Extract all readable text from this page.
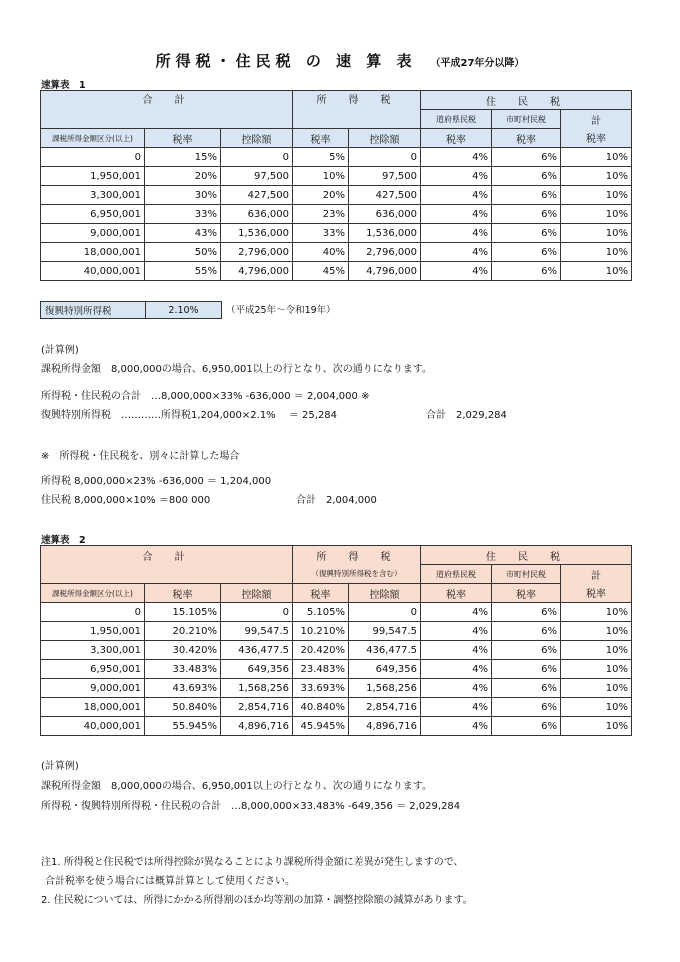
所得税・住民税 の 速 算 表 （平成27年分以降）
速算表　1
合　計			所　得　税		住　民　税		
					道府県民税	市町村民税	計
課税所得金額区分(以上)	税率	控除額	税率	控除額	税率	税率	税率
0	15%	0	5%	0	4%	6%	10%
1,950,001	20%	97,500	10%	97,500	4%	6%	10%
3,300,001	30%	427,500	20%	427,500	4%	6%	10%
6,950,001	33%	636,000	23%	636,000	4%	6%	10%
9,000,001	43%	1,536,000	33%	1,536,000	4%	6%	10%
18,000,001	50%	2,796,000	40%	2,796,000	4%	6%	10%
40,000,001	55%	4,796,000	45%	4,796,000	4%	6%	10%
復興特別所得税	2.10%	（平成25年～令和19年）
(計算例)
課税所得金額　8,000,000の場合、6,950,001以上の行となり、次の通りになります。
所得税・住民税の合計　…8,000,000×33% -636,000 ＝ 2,004,000 ※
復興特別所得税　…………所得税1,204,000×2.1%　 ＝ 25,284	合計　2,029,284
※　所得税・住民税を、別々に計算した場合
所得税 8,000,000×23% -636,000 ＝ 1,204,000
住民税 8,000,000×10% ＝800 000	合計　2,004,000
速算表　2
合　計			所　得　税		住　民　税		
			（復興特別所得税を含む）		道府県民税	市町村民税	計
課税所得金額区分(以上)	税率	控除額	税率	控除額	税率	税率	税率
0	15.105%	0	5.105%	0	4%	6%	10%
1,950,001	20.210%	99,547.5	10.210%	99,547.5	4%	6%	10%
3,300,001	30.420%	436,477.5	20.420%	436,477.5	4%	6%	10%
6,950,001	33.483%	649,356	23.483%	649,356	4%	6%	10%
9,000,001	43.693%	1,568,256	33.693%	1,568,256	4%	6%	10%
18,000,001	50.840%	2,854,716	40.840%	2,854,716	4%	6%	10%
40,000,001	55.945%	4,896,716	45.945%	4,896,716	4%	6%	10%
(計算例)
課税所得金額　8,000,000の場合、6,950,001以上の行となり、次の通りになります。
所得税・復興特別所得税・住民税の合計　…8,000,000×33.483% -649,356 ＝ 2,029,284
注1. 所得税と住民税では所得控除が異なることにより課税所得金額に差異が発生しますので、
合計税率を使う場合には概算計算として使用ください。
2. 住民税については、所得にかかる所得割のほか均等割の加算・調整控除額の減算があります。
